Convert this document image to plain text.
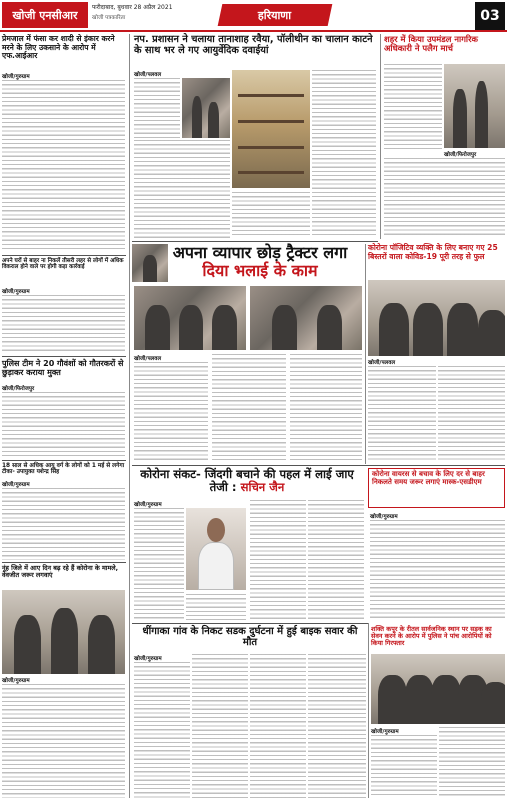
खोजी एनसीआर
फरीदाबाद, बुधवार 28 अप्रैल 2021
खोजी पत्रकारिता	हरियाणा	03
प्रेमजाल में फंसा कर शादी से इंकार करने मरने के लिए उकसाने के आरोप में एफ.आईआर
खोजी/गुरुग्राम
अपने घरों से बाहर ना निकलें तीसरी लहर से लोगों में अधिक विकराल होने वाले पर होगी कड़ा कार्रवाई
खोजी/गुरुग्राम
पुलिस टीम ने 20 गौवंशों को गौतरकरों से छुड़ाकर कराया मुक्त
खोजी/फिरोजपुर
18 साल से अधिक आयु वर्ग के लोगों को 1 मई से लगेगा टीका- उपायुक्त यशेन्द्र सिंह
खोजी/गुरुग्राम
नूंह जिले में आए दिन बढ़ रहे हैं कोरोना के मामले, वेवजीत जरूर लगवाएं
खोजी/गुरुग्राम
नप. प्रशासन ने चलाया तानाशाह रवैया, पॉलीथीन का चालान काटने के साथ भर ले गए आयुर्वेदिक दवाईयां
खोजी/पलवल
शहर में किया उपमंडल नागरिक अधिकारी ने पलैग मार्च
खोजी/फिरोजपुर
अपना व्यापार छोड़ ट्रैक्टर लगा
दिया भलाई के काम
खोजी/पलवल
कोरोना पॉजिटिव व्यक्ति के लिए बनाए गए 25 बिस्तरों वाला कोविड-19 पूरी तरह से फुल
खोजी/पलवल
कोरोना संकट- जिंदगी बचाने की पहल में लाई जाए तेजी : सचिन जैन
खोजी/गुरुग्राम
कोरोना वायरस से बचाव के लिए दर से बाहर निकलते समय जरूर लगाएं मास्क-एसडीएम
खोजी/गुरुग्राम
धींगाका गांव के निकट सडक दुर्घटना में हुई बाइक सवार की मौत
खोजी/गुरुग्राम
शक्ति कपूर के रीतल सार्वजनिक स्थान पर सड़क का सेवन करने के आरोप में पुलिस ने पांच आरोपियों को किया गिरफ्तार
खोजी/गुरुग्राम
